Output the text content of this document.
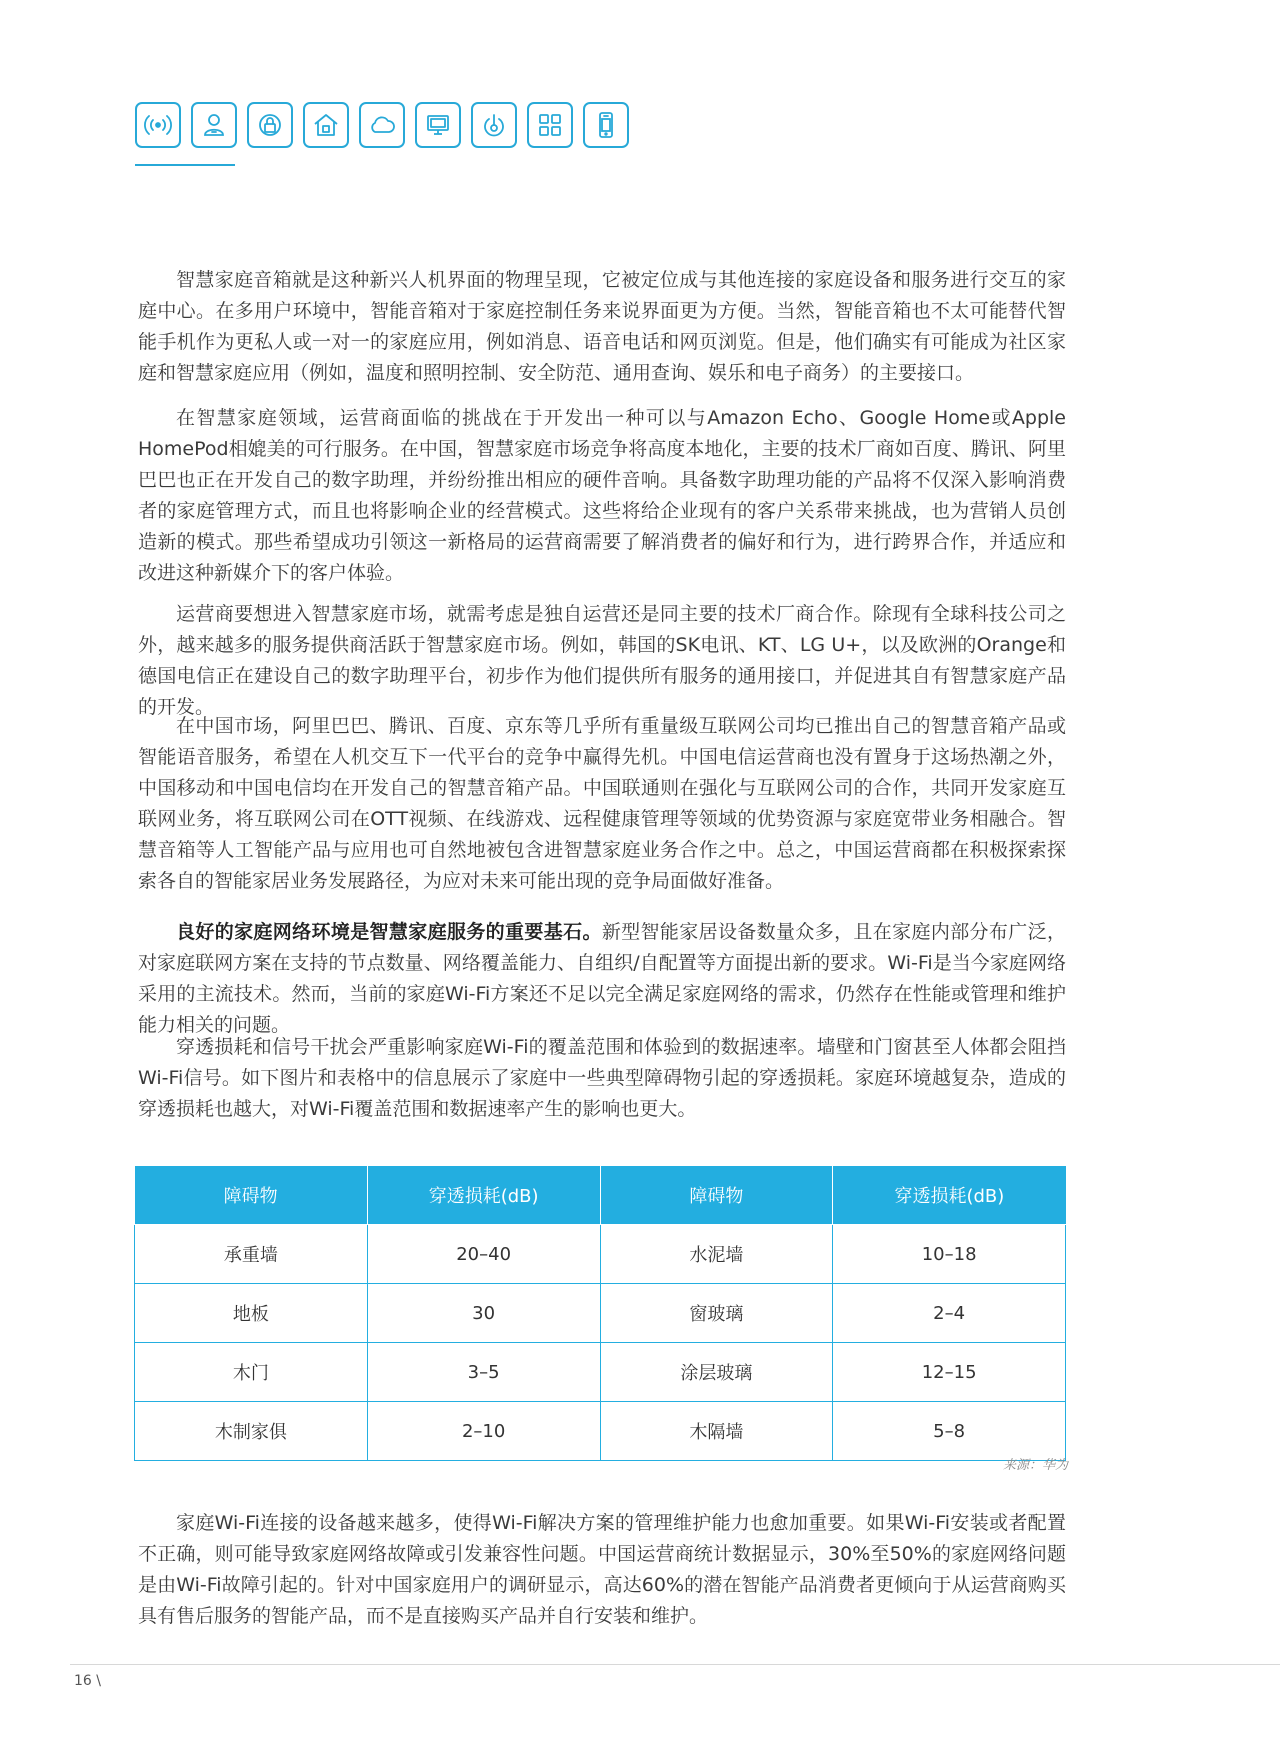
智慧家庭音箱就是这种新兴人机界面的物理呈现，它被定位成与其他连接的家庭设备和服务进行交互的家庭中心。在多用户环境中，智能音箱对于家庭控制任务来说界面更为方便。当然，智能音箱也不太可能替代智能手机作为更私人或一对一的家庭应用，例如消息、语音电话和网页浏览。但是，他们确实有可能成为社区家庭和智慧家庭应用（例如，温度和照明控制、安全防范、通用查询、娱乐和电子商务）的主要接口。

在智慧家庭领域，运营商面临的挑战在于开发出一种可以与Amazon Echo、Google Home或Apple HomePod相媲美的可行服务。在中国，智慧家庭市场竞争将高度本地化，主要的技术厂商如百度、腾讯、阿里巴巴也正在开发自己的数字助理，并纷纷推出相应的硬件音响。具备数字助理功能的产品将不仅深入影响消费者的家庭管理方式，而且也将影响企业的经营模式。这些将给企业现有的客户关系带来挑战，也为营销人员创造新的模式。那些希望成功引领这一新格局的运营商需要了解消费者的偏好和行为，进行跨界合作，并适应和改进这种新媒介下的客户体验。

运营商要想进入智慧家庭市场，就需考虑是独自运营还是同主要的技术厂商合作。除现有全球科技公司之外，越来越多的服务提供商活跃于智慧家庭市场。例如，韩国的SK电讯、KT、LG U+，以及欧洲的Orange和德国电信正在建设自己的数字助理平台，初步作为他们提供所有服务的通用接口，并促进其自有智慧家庭产品的开发。

在中国市场，阿里巴巴、腾讯、百度、京东等几乎所有重量级互联网公司均已推出自己的智慧音箱产品或智能语音服务，希望在人机交互下一代平台的竞争中赢得先机。中国电信运营商也没有置身于这场热潮之外，中国移动和中国电信均在开发自己的智慧音箱产品。中国联通则在强化与互联网公司的合作，共同开发家庭互联网业务，将互联网公司在OTT视频、在线游戏、远程健康管理等领域的优势资源与家庭宽带业务相融合。智慧音箱等人工智能产品与应用也可自然地被包含进智慧家庭业务合作之中。总之，中国运营商都在积极探索探索各自的智能家居业务发展路径，为应对未来可能出现的竞争局面做好准备。

良好的家庭网络环境是智慧家庭服务的重要基石。新型智能家居设备数量众多，且在家庭内部分布广泛，对家庭联网方案在支持的节点数量、网络覆盖能力、自组织/自配置等方面提出新的要求。Wi-Fi是当今家庭网络采用的主流技术。然而，当前的家庭Wi-Fi方案还不足以完全满足家庭网络的需求，仍然存在性能或管理和维护能力相关的问题。

穿透损耗和信号干扰会严重影响家庭Wi-Fi的覆盖范围和体验到的数据速率。墙壁和门窗甚至人体都会阻挡Wi-Fi信号。如下图片和表格中的信息展示了家庭中一些典型障碍物引起的穿透损耗。家庭环境越复杂，造成的穿透损耗也越大，对Wi-Fi覆盖范围和数据速率产生的影响也更大。

障碍物	穿透损耗(dB)	障碍物	穿透损耗(dB)
承重墙	20–40	水泥墙	10–18
地板	30	窗玻璃	2–4
木门	3–5	涂层玻璃	12–15
木制家俱	2–10	木隔墙	5–8
来源：华为

家庭Wi-Fi连接的设备越来越多，使得Wi-Fi解决方案的管理维护能力也愈加重要。如果Wi-Fi安装或者配置不正确，则可能导致家庭网络故障或引发兼容性问题。中国运营商统计数据显示，30%至50%的家庭网络问题是由Wi-Fi故障引起的。针对中国家庭用户的调研显示，高达60%的潜在智能产品消费者更倾向于从运营商购买具有售后服务的智能产品，而不是直接购买产品并自行安装和维护。

16 \
